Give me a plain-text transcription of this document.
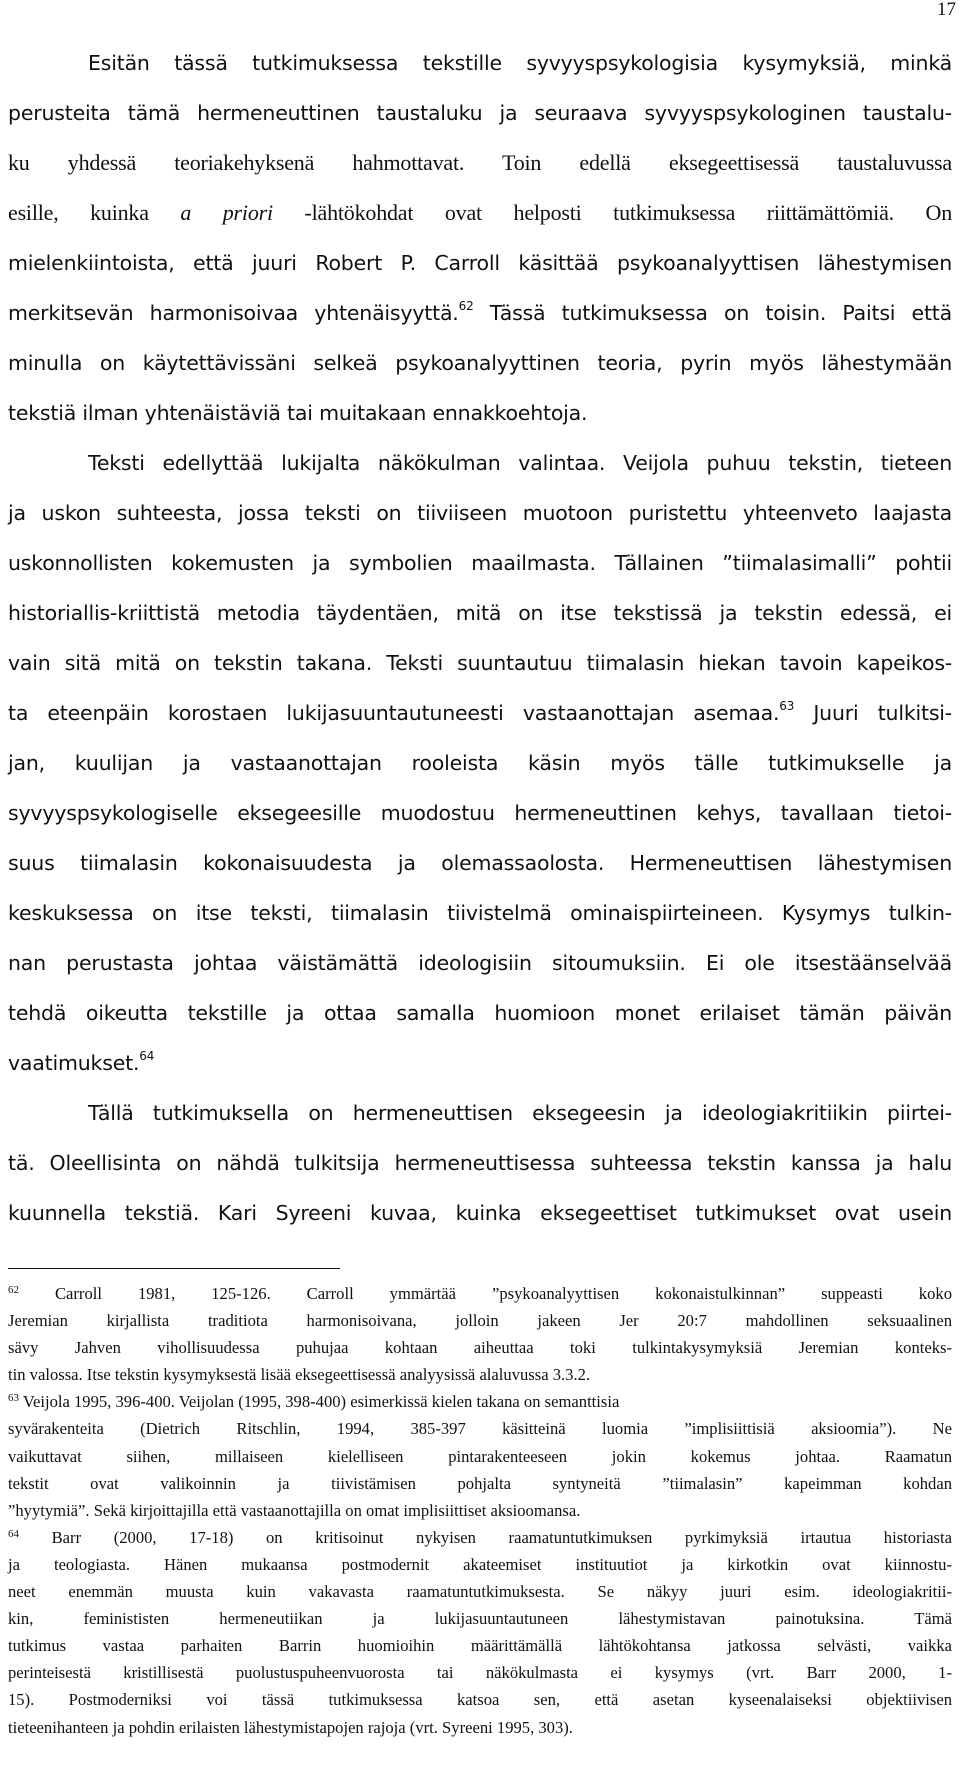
17

Esitän tässä tutkimuksessa tekstille syvyyspsykologisia kysymyksiä, minkä
perusteita tämä hermeneuttinen taustaluku ja seuraava syvyyspsykologinen taustalu-
ku yhdessä teoriakehyksenä hahmottavat. Toin edellä eksegeettisessä taustaluvussa
esille, kuinka a priori -lähtökohdat ovat helposti tutkimuksessa riittämättömiä. On
mielenkiintoista, että juuri Robert P. Carroll käsittää psykoanalyyttisen lähestymisen
merkitsevän harmonisoivaa yhtenäisyyttä.$^{62}$ Tässä tutkimuksessa on toisin. Paitsi että
minulla on käytettävissäni selkeä psykoanalyyttinen teoria, pyrin myös lähestymään
tekstiä ilman yhtenäistäviä tai muitakaan ennakkoehtoja.

Teksti edellyttää lukijalta näkökulman valintaa. Veijola puhuu tekstin, tieteen
ja uskon suhteesta, jossa teksti on tiiviiseen muotoon puristettu yhteenveto laajasta
uskonnollisten kokemusten ja symbolien maailmasta. Tällainen ”tiimalasimalli” pohtii
historiallis-kriittistä metodia täydentäen, mitä on itse tekstissä ja tekstin edessä, ei
vain sitä mitä on tekstin takana. Teksti suuntautuu tiimalasin hiekan tavoin kapeikos-
ta eteenpäin korostaen lukijasuuntautuneesti vastaanottajan asemaa.$^{63}$ Juuri tulkitsi-
jan, kuulijan ja vastaanottajan rooleista käsin myös tälle tutkimukselle ja
syvyyspsykologiselle eksegeesille muodostuu hermeneuttinen kehys, tavallaan tietoi-
suus tiimalasin kokonaisuudesta ja olemassaolosta. Hermeneuttisen lähestymisen
keskuksessa on itse teksti, tiimalasin tiivistelmä ominaispiirteineen. Kysymys tulkin-
nan perustasta johtaa väistämättä ideologisiin sitoumuksiin. Ei ole itsestäänselvää
tehdä oikeutta tekstille ja ottaa samalla huomioon monet erilaiset tämän päivän
vaatimukset.$^{64}$

Tällä tutkimuksella on hermeneuttisen eksegeesin ja ideologiakritiikin piirtei-
tä. Oleellisinta on nähdä tulkitsija hermeneuttisessa suhteessa tekstin kanssa ja halu
kuunnella tekstiä. Kari Syreeni kuvaa, kuinka eksegeettiset tutkimukset ovat usein

$^{62}$ Carroll 1981, 125-126. Carroll ymmärtää ”psykoanalyyttisen kokonaistulkinnan” suppeasti koko
Jeremian kirjallista traditiota harmonisoivana, jolloin jakeen Jer 20:7 mahdollinen seksuaalinen
sävy Jahven vihollisuudessa puhujaa kohtaan aiheuttaa toki tulkintakysymyksiä Jeremian konteks-
tin valossa. Itse tekstin kysymyksestä lisää eksegeettisessä analyysissä alaluvussa 3.3.2.
$^{63}$ Veijola 1995, 396-400. Veijolan (1995, 398-400) esimerkissä kielen takana on semanttisia
syvärakenteita (Dietrich Ritschlin, 1994, 385-397 käsitteinä luomia ”implisiittisiä aksioomia”). Ne
vaikuttavat siihen, millaiseen kielelliseen pintarakenteeseen jokin kokemus johtaa. Raamatun
tekstit ovat valikoinnin ja tiivistämisen pohjalta syntyneitä ”tiimalasin” kapeimman kohdan
”hyytymiä”. Sekä kirjoittajilla että vastaanottajilla on omat implisiittiset aksioomansa.
$^{64}$ Barr (2000, 17-18) on kritisoinut nykyisen raamatuntutkimuksen pyrkimyksiä irtautua historiasta
ja teologiasta. Hänen mukaansa postmodernit akateemiset instituutiot ja kirkotkin ovat kiinnostu-
neet enemmän muusta kuin vakavasta raamatuntutkimuksesta. Se näkyy juuri esim. ideologiakritii-
kin, feminististen hermeneutiikan ja lukijasuuntautuneen lähestymistavan painotuksina. Tämä
tutkimus vastaa parhaiten Barrin huomioihin määrittämällä lähtökohtansa jatkossa selvästi, vaikka
perinteisestä kristillisestä puolustuspuheenvuorosta tai näkökulmasta ei kysymys (vrt. Barr 2000, 1-
15). Postmoderniksi voi tässä tutkimuksessa katsoa sen, että asetan kyseenalaiseksi objektiivisen
tieteenihanteen ja pohdin erilaisten lähestymistapojen rajoja (vrt. Syreeni 1995, 303).
